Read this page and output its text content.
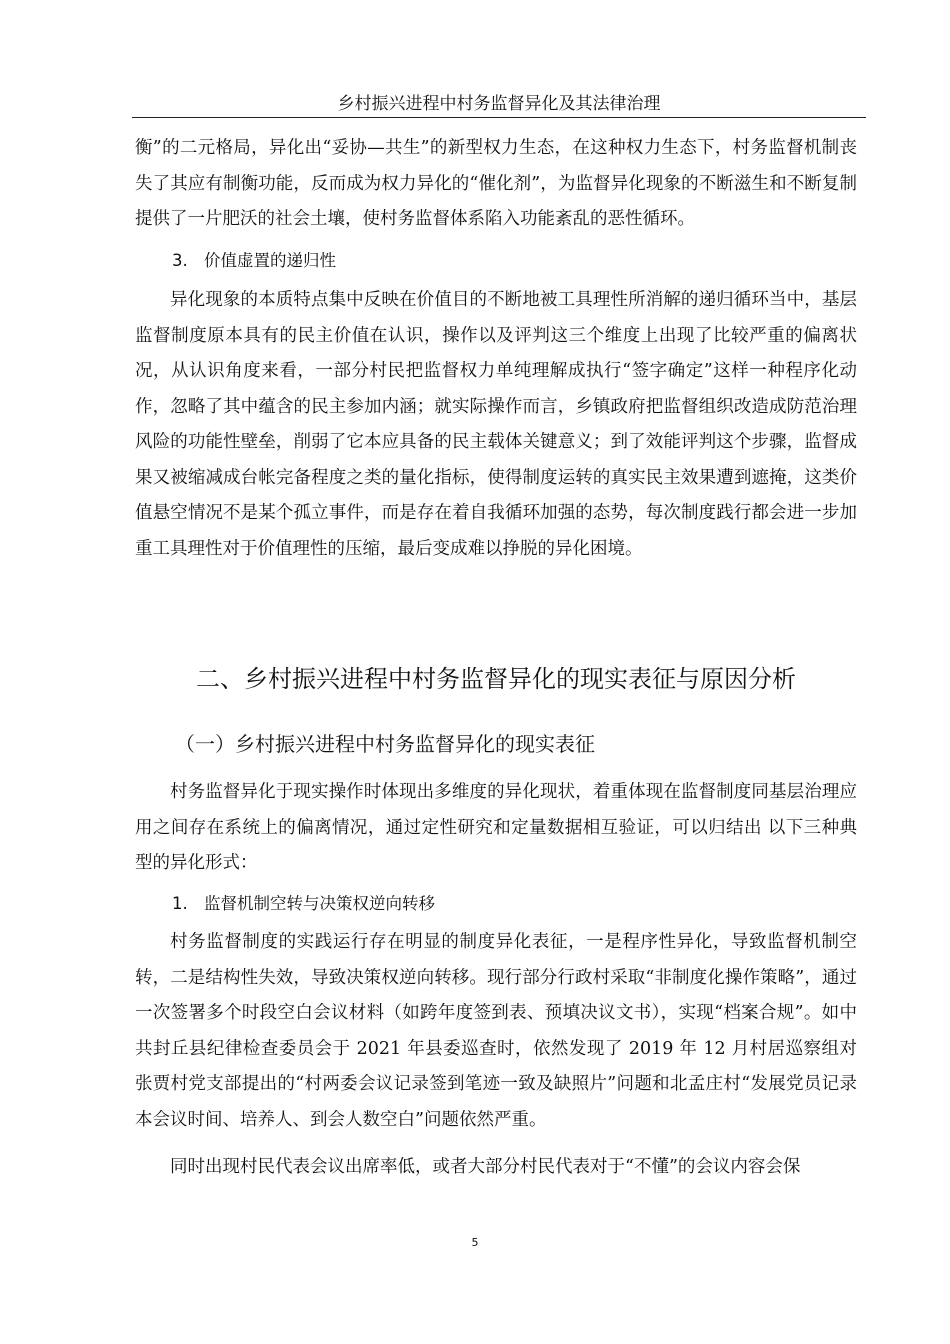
乡村振兴进程中村务监督异化及其法律治理

衡”的二元格局，异化出“妥协—共生”的新型权力生态，在这种权力生态下，村务监督机制丧失了其应有制衡功能，反而成为权力异化的“催化剂”，为监督异化现象的不断滋生和不断复制提供了一片肥沃的社会土壤，使村务监督体系陷入功能紊乱的恶性循环。

3. 价值虚置的递归性

异化现象的本质特点集中反映在价值目的不断地被工具理性所消解的递归循环当中，基层监督制度原本具有的民主价值在认识，操作以及评判这三个维度上出现了比较严重的偏离状况，从认识角度来看，一部分村民把监督权力单纯理解成执行“签字确定”这样一种程序化动作，忽略了其中蕴含的民主参加内涵；就实际操作而言，乡镇政府把监督组织改造成防范治理风险的功能性壁垒，削弱了它本应具备的民主载体关键意义；到了效能评判这个步骤，监督成果又被缩减成台帐完备程度之类的量化指标，使得制度运转的真实民主效果遭到遮掩，这类价值悬空情况不是某个孤立事件，而是存在着自我循环加强的态势，每次制度践行都会进一步加重工具理性对于价值理性的压缩，最后变成难以挣脱的异化困境。

二、乡村振兴进程中村务监督异化的现实表征与原因分析
（一）乡村振兴进程中村务监督异化的现实表征

村务监督异化于现实操作时体现出多维度的异化现状，着重体现在监督制度同基层治理应用之间存在系统上的偏离情况，通过定性研究和定量数据相互验证，可以归结出 以下三种典型的异化形式：

1. 监督机制空转与决策权逆向转移

村务监督制度的实践运行存在明显的制度异化表征，一是程序性异化，导致监督机制空转，二是结构性失效，导致决策权逆向转移。现行部分行政村采取“非制度化操作策略”，通过一次签署多个时段空白会议材料（如跨年度签到表、预填决议文书），实现“档案合规”。如中共封丘县纪律检查委员会于 2021 年县委巡查时，依然发现了 2019 年 12 月村居巡察组对张贾村党支部提出的“村两委会议记录签到笔迹一致及缺照片”问题和北孟庄村“发展党员记录本会议时间、培养人、到会人数空白”问题依然严重。

同时出现村民代表会议出席率低，或者大部分村民代表对于“不懂”的会议内容会保

5
